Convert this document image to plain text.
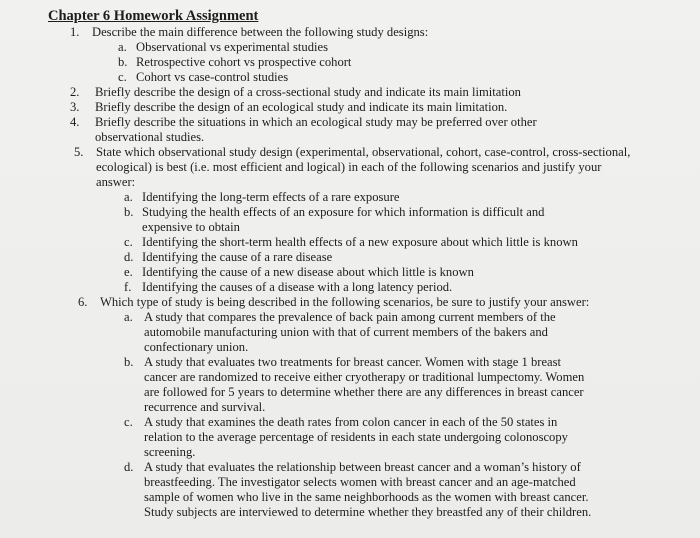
Chapter 6 Homework Assignment
1. Describe the main difference between the following study designs:
a. Observational vs experimental studies
b. Retrospective cohort vs prospective cohort
c. Cohort vs case-control studies
2. Briefly describe the design of a cross-sectional study and indicate its main limitation
3. Briefly describe the design of an ecological study and indicate its main limitation.
4. Briefly describe the situations in which an ecological study may be preferred over other observational studies.
5. State which observational study design (experimental, observational, cohort, case-control, cross-sectional, ecological) is best (i.e. most efficient and logical) in each of the following scenarios and justify your answer:
a. Identifying the long-term effects of a rare exposure
b. Studying the health effects of an exposure for which information is difficult and expensive to obtain
c. Identifying the short-term health effects of a new exposure about which little is known
d. Identifying the cause of a rare disease
e. Identifying the cause of a new disease about which little is known
f. Identifying the causes of a disease with a long latency period.
6. Which type of study is being described in the following scenarios, be sure to justify your answer:
a. A study that compares the prevalence of back pain among current members of the automobile manufacturing union with that of current members of the bakers and confectionary union.
b. A study that evaluates two treatments for breast cancer. Women with stage 1 breast cancer are randomized to receive either cryotherapy or traditional lumpectomy. Women are followed for 5 years to determine whether there are any differences in breast cancer recurrence and survival.
c. A study that examines the death rates from colon cancer in each of the 50 states in relation to the average percentage of residents in each state undergoing colonoscopy screening.
d. A study that evaluates the relationship between breast cancer and a woman’s history of breastfeeding. The investigator selects women with breast cancer and an age-matched sample of women who live in the same neighborhoods as the women with breast cancer. Study subjects are interviewed to determine whether they breastfed any of their children.
